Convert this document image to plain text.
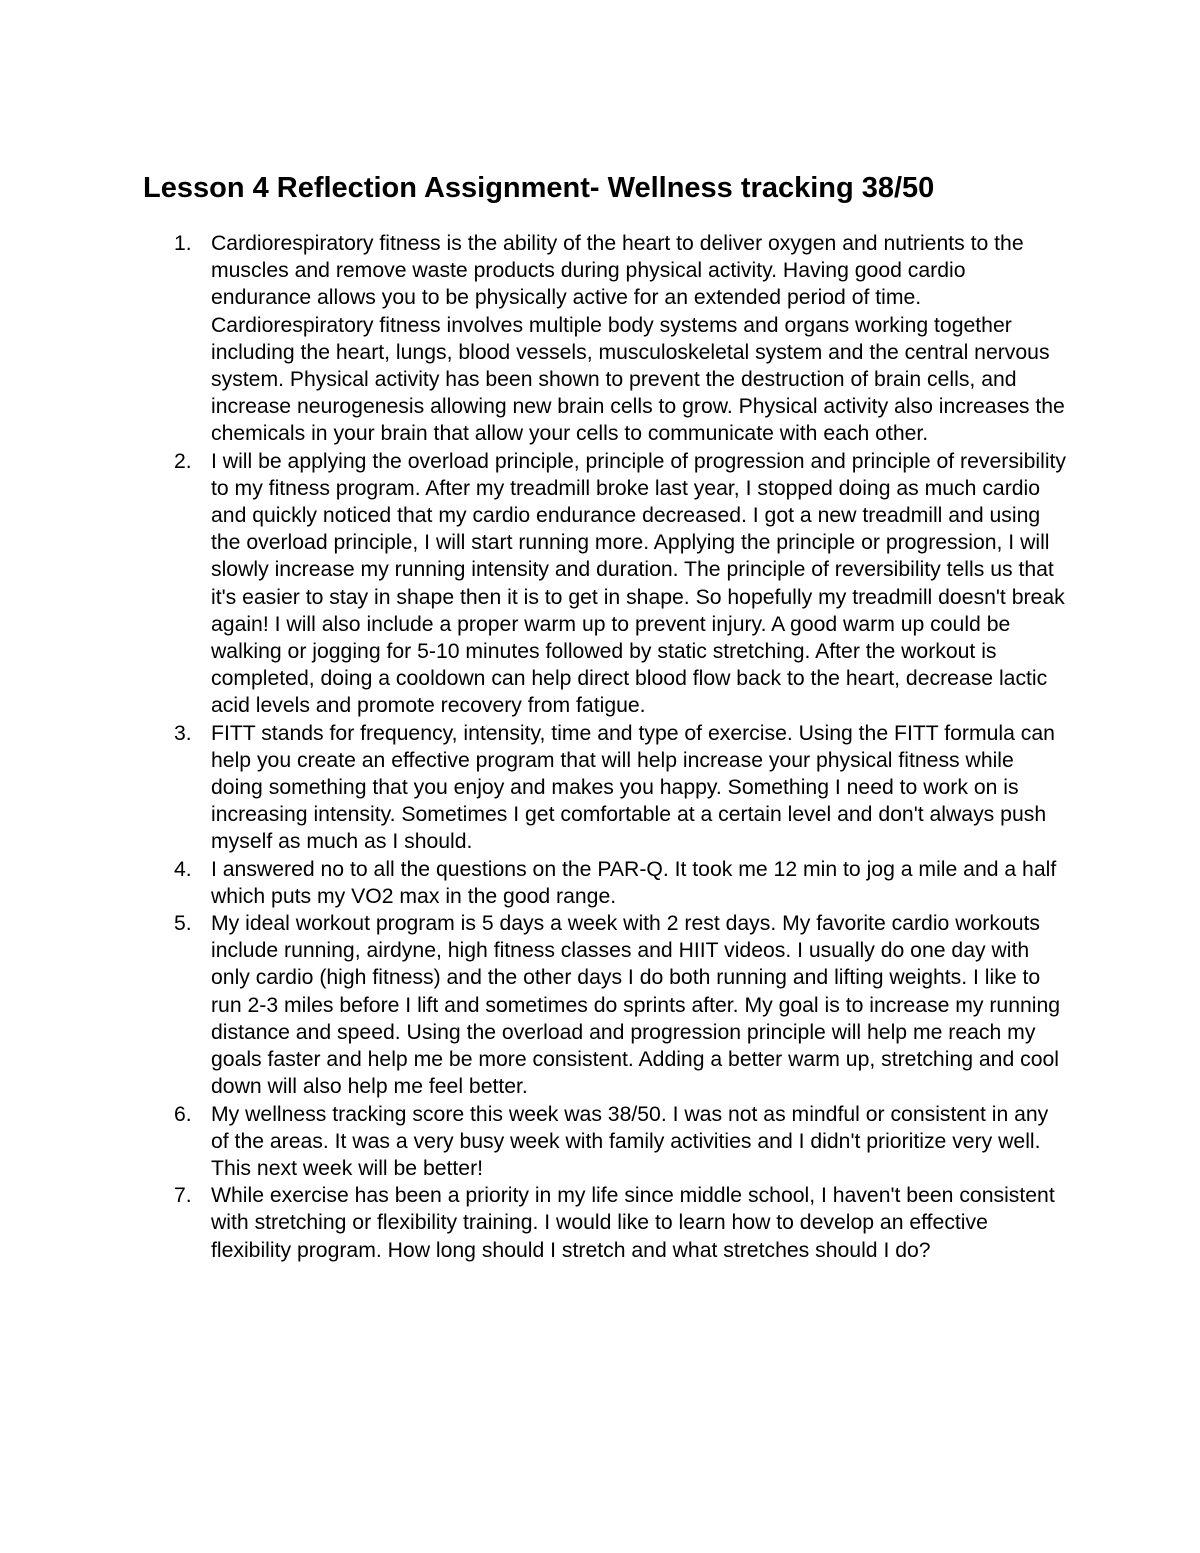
Lesson 4 Reflection Assignment- Wellness tracking 38/50
1. Cardiorespiratory fitness is the ability of the heart to deliver oxygen and nutrients to the muscles and remove waste products during physical activity. Having good cardio endurance allows you to be physically active for an extended period of time. Cardiorespiratory fitness involves multiple body systems and organs working together including the heart, lungs, blood vessels, musculoskeletal system and the central nervous system. Physical activity has been shown to prevent the destruction of brain cells, and increase neurogenesis allowing new brain cells to grow. Physical activity also increases the chemicals in your brain that allow your cells to communicate with each other.
2. I will be applying the overload principle, principle of progression and principle of reversibility to my fitness program. After my treadmill broke last year, I stopped doing as much cardio and quickly noticed that my cardio endurance decreased. I got a new treadmill and using the overload principle, I will start running more. Applying the principle or progression, I will slowly increase my running intensity and duration. The principle of reversibility tells us that it's easier to stay in shape then it is to get in shape. So hopefully my treadmill doesn't break again! I will also include a proper warm up to prevent injury. A good warm up could be walking or jogging for 5-10 minutes followed by static stretching. After the workout is completed, doing a cooldown can help direct blood flow back to the heart, decrease lactic acid levels and promote recovery from fatigue.
3. FITT stands for frequency, intensity, time and type of exercise. Using the FITT formula can help you create an effective program that will help increase your physical fitness while doing something that you enjoy and makes you happy. Something I need to work on is increasing intensity. Sometimes I get comfortable at a certain level and don't always push myself as much as I should.
4. I answered no to all the questions on the PAR-Q. It took me 12 min to jog a mile and a half which puts my VO2 max in the good range.
5. My ideal workout program is 5 days a week with 2 rest days. My favorite cardio workouts include running, airdyne, high fitness classes and HIIT videos. I usually do one day with only cardio (high fitness) and the other days I do both running and lifting weights. I like to run 2-3 miles before I lift and sometimes do sprints after. My goal is to increase my running distance and speed. Using the overload and progression principle will help me reach my goals faster and help me be more consistent. Adding a better warm up, stretching and cool down will also help me feel better.
6. My wellness tracking score this week was 38/50. I was not as mindful or consistent in any of the areas. It was a very busy week with family activities and I didn't prioritize very well. This next week will be better!
7. While exercise has been a priority in my life since middle school, I haven't been consistent with stretching or flexibility training. I would like to learn how to develop an effective flexibility program. How long should I stretch and what stretches should I do?
